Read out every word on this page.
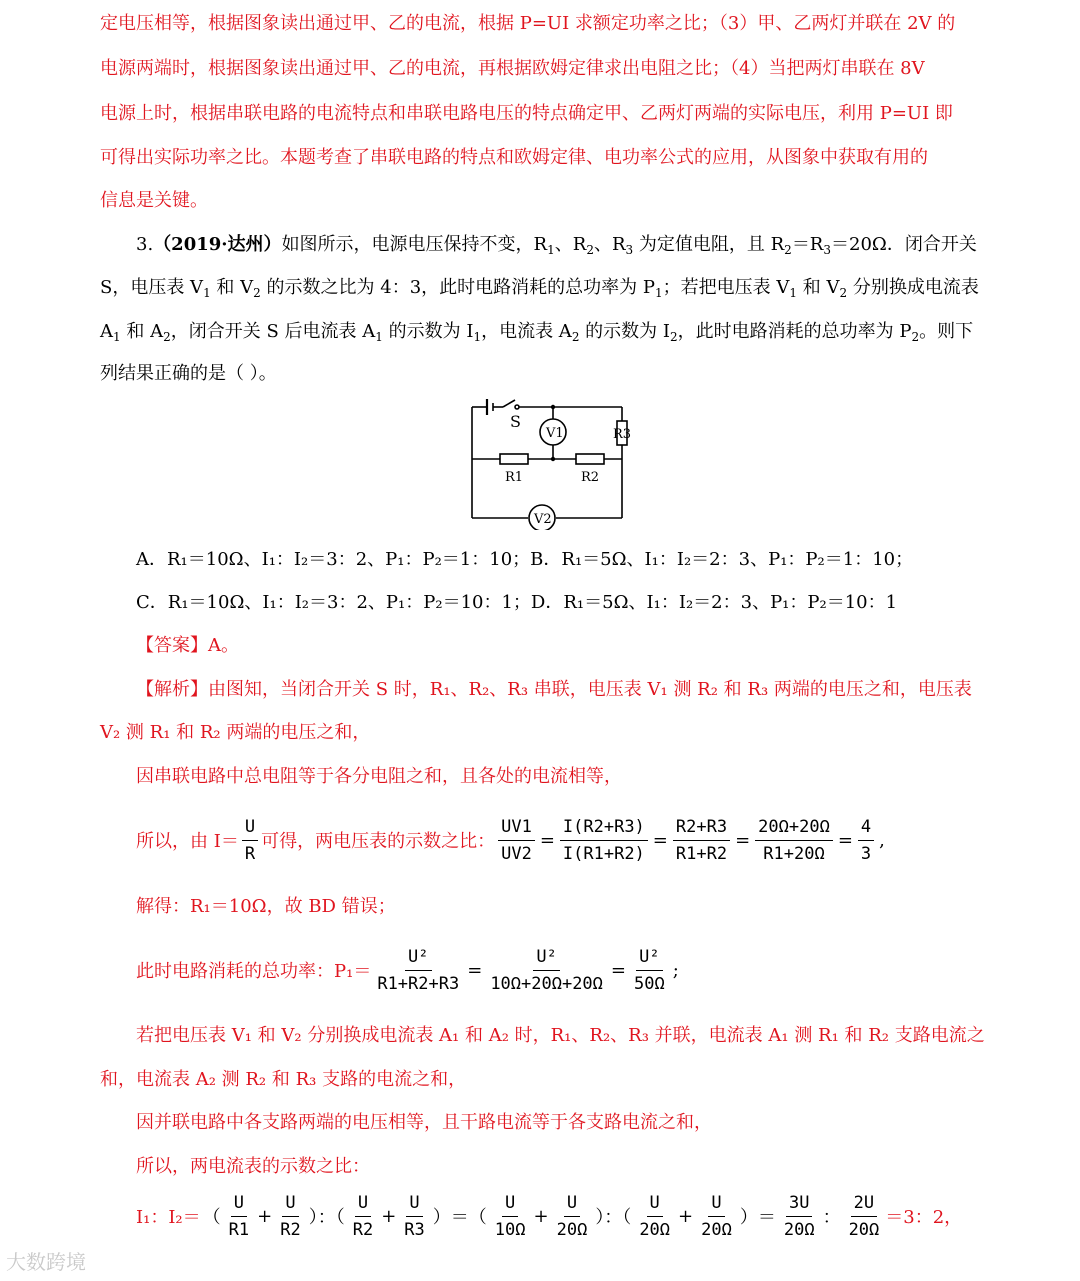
定电压相等，根据图象读出通过甲、乙的电流，根据 P=UI 求额定功率之比；（3）甲、乙两灯并联在 2V 的
电源两端时，根据图象读出通过甲、乙的电流，再根据欧姆定律求出电阻之比；（4）当把两灯串联在 8V
电源上时，根据串联电路的电流特点和串联电路电压的特点确定甲、乙两灯两端的实际电压，利用 P=UI 即
可得出实际功率之比。本题考查了串联电路的特点和欧姆定律、电功率公式的应用，从图象中获取有用的
信息是关键。
3.（2019·达州）如图所示，电源电压保持不变，$R_1$、$R_2$、$R_3$ 为定值电阻，且 $R_2=R_3=20\Omega$．闭合开关
S，电压表 $V_1$ 和 $V_2$ 的示数之比为 4：3，此时电路消耗的总功率为 $P_1$；若把电压表 $V_1$ 和 $V_2$ 分别换成电流表
$A_1$ 和 $A_2$，闭合开关 S 后电流表 $A_1$ 的示数为 $I_1$，电流表 $A_2$ 的示数为 $I_2$，此时电路消耗的总功率为 $P_2$。则下
列结果正确的是（ ）。
S
V1	R3
R1	R2
V2
A．R₁＝10Ω、I₁：I₂＝3：2、P₁：P₂＝1：10；B．R₁＝5Ω、I₁：I₂＝2：3、P₁：P₂＝1：10；
C．R₁＝10Ω、I₁：I₂＝3：2、P₁：P₂＝10：1；D．R₁＝5Ω、I₁：I₂＝2：3、P₁：P₂＝10：1
【答案】A。
【解析】由图知，当闭合开关 S 时，R₁、R₂、R₃ 串联，电压表 V₁ 测 R₂ 和 R₃ 两端的电压之和，电压表
V₂ 测 R₁ 和 R₂ 两端的电压之和，
因串联电路中总电阻等于各分电阻之和，且各处的电流相等，
所以，由 $I= \frac{U}{R}$ 可得，两电压表的示数之比： $\frac{UV1}{UV2} = \frac{I(R2+R3)}{I(R1+R2)} = \frac{R2+R3}{R1+R2} = \frac{20\Omega+20\Omega}{R1+20\Omega} = \frac{4}{3}$ ,
解得：R₁＝10Ω，故 BD 错误；
此时电路消耗的总功率：$P_1= \frac{\text{U²}}{R1+R2+R3} = \frac{\text{U²}}{10\Omega+20\Omega+20\Omega} = \frac{\text{U²}}{50\Omega}$ ;
若把电压表 V₁ 和 V₂ 分别换成电流表 A₁ 和 A₂ 时，R₁、R₂、R₃ 并联，电流表 A₁ 测 R₁ 和 R₂ 支路电流之
和，电流表 A₂ 测 R₂ 和 R₃ 支路的电流之和，
因并联电路中各支路两端的电压相等，且干路电流等于各支路电流之和，
所以，两电流表的示数之比：
I₁：I₂＝ （ $\frac{U}{R1} + \frac{U}{R2}$ ）：（ $\frac{U}{R2} + \frac{U}{R3}$ ）＝（ $\frac{U}{10\Omega} + \frac{U}{20\Omega}$ ）：（ $\frac{U}{20\Omega} + \frac{U}{20\Omega}$ ）＝ $\frac{3U}{20\Omega}$ ： $\frac{2U}{20\Omega} =3$：2，
大数跨境
